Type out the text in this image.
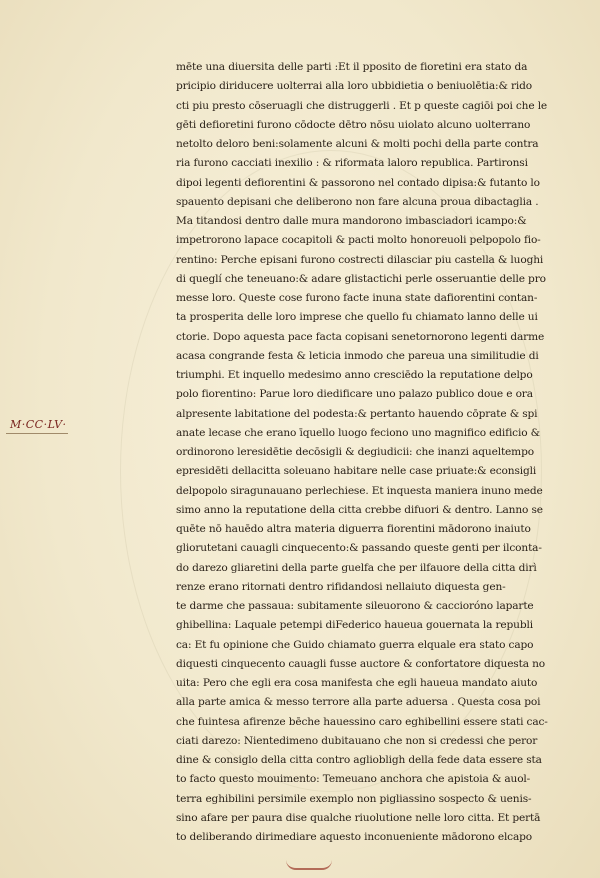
M·CC·LV·
mēte una diuersita delle parti :Et il pposito de fioretini era stato da
pricipio diriducere uolterrai alla loro ubbidietia o beniuolētia:& rido
cti piu presto cōseruagli che distruggerli . Et p queste cagiōi poi che le
gēti defioretini furono cōdocte dētro nōsu uiolato alcuno uolterrano
netolto deloro beni:solamente alcuni & molti pochi della parte contra
ria furono cacciati inexilio : & riformata laloro republica. Partironsi
dipoi legenti defiorentini & passorono nel contado dipisa:& futanto lo
spauento depisani che deliberono non fare alcuna proua dibactaglia .
Ma titandosi dentro dalle mura mandorono imbasciadori icampo:&
impetrorono lapace cocapitoli & pacti molto honoreuoli pelpopolo fio-
rentino: Perche episani furono costrecti dilasciar piu castella & luoghi
di queglí che teneuano:& adare glistactichi perle osseruantie delle pro
messe loro. Queste cose furono facte inuna state dafiorentini contan-
ta prosperita delle loro imprese che quello fu chiamato lanno delle ui
ctorie. Dopo aquesta pace facta copisani senetornorono legenti darme
acasa congrande festa & leticia inmodo che pareua una similitudie di
triumphi. Et inquello medesimo anno cresciēdo la reputatione delpo
polo fiorentino: Parue loro diedificare uno palazo publico doue e ora
alpresente labitatione del podesta:& pertanto hauendo cōprate & spi
anate lecase che erano īquello luogo feciono uno magnifico edificio &
ordinorono leresidētie decōsigli & degiudicii: che inanzi aqueltempo
epresidēti dellacitta soleuano habitare nelle case priuate:& econsigli
delpopolo siragunauano perlechiese. Et inquesta maniera inuno mede
simo anno la reputatione della citta crebbe difuori & dentro. Lanno se
quēte nō hauēdo altra materia diguerra fiorentini mādorono inaiuto
gliorutetani cauagli cinquecento:& passando queste genti per ilconta-
do darezo gliaretini della parte guelfa che per ilfauore della citta dirì
renze erano ritornati dentro rifidandosi nellaiuto diquesta gen-
te darme che passaua: subitamente sileuorono & caccioróno laparte
ghibellina: Laquale petempi diFederico haueua gouernata la republi
ca: Et fu opinione che Guido chiamato guerra elquale era stato capo
diquesti cinquecento cauagli fusse auctore & confortatore diquesta no
uita: Pero che egli era cosa manifesta che egli haueua mandato aiuto
alla parte amica & messo terrore alla parte aduersa . Questa cosa poi
che fuintesa afirenze bēche hauessino caro eghibellini essere stati cac-
ciati darezo: Nientedimeno dubitauano che non si credessi che peror
dine & consiglo della citta contro agliobligh della fede data essere sta
to facto questo mouimento: Temeuano anchora che apistoia & auol-
terra eghibilini persimile exemplo non pigliassino sospecto & uenis-
sino afare per paura dise qualche riuolutione nelle loro citta. Et pertā
to deliberando dirimediare aquesto inconueniente mādorono elcapo
